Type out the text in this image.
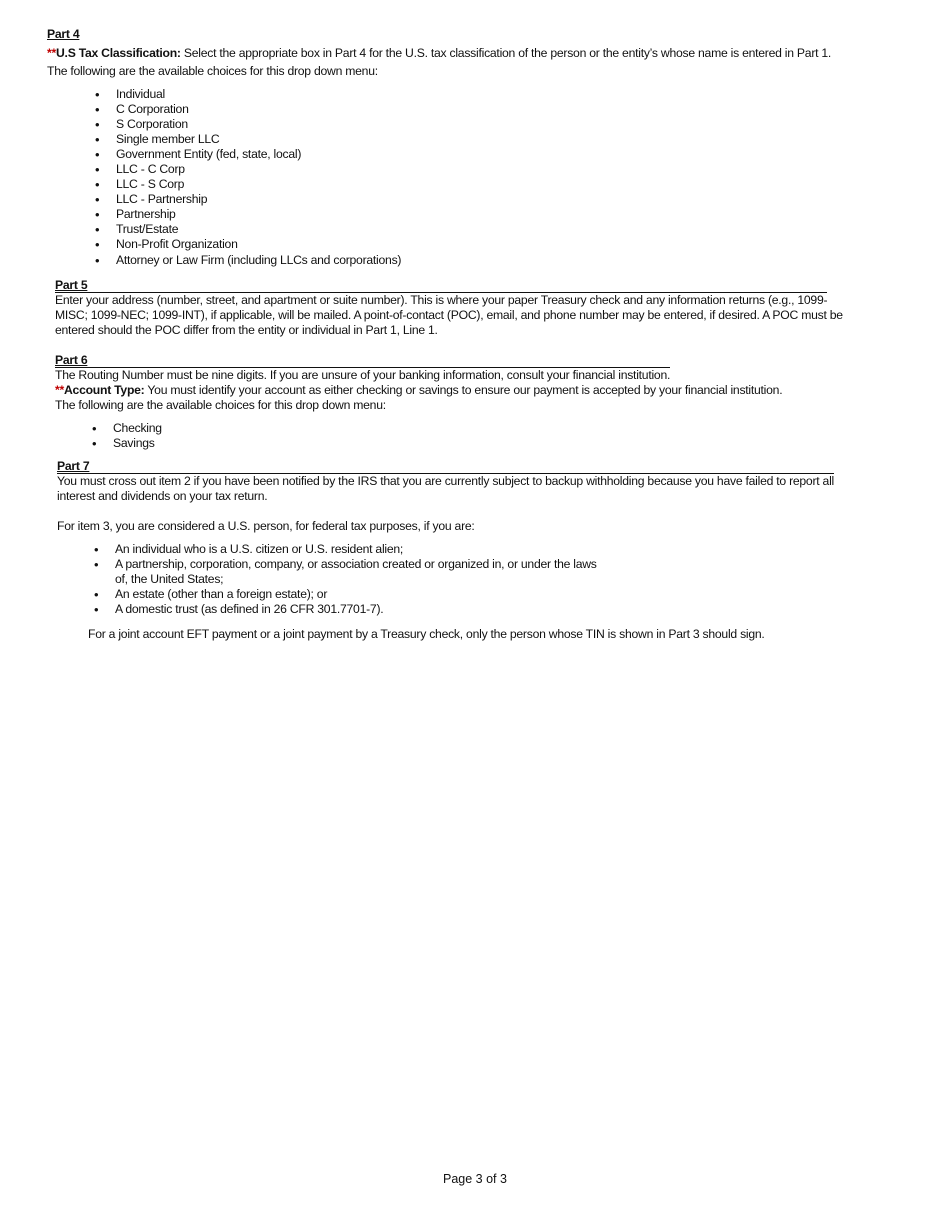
Part 4
**U.S Tax Classification: Select the appropriate box in Part 4 for the U.S. tax classification of the person or the entity’s whose name is entered in Part 1.
The following are the available choices for this drop down menu:
• Individual
• C Corporation
• S Corporation
• Single member LLC
• Government Entity (fed, state, local)
• LLC - C Corp
• LLC - S Corp
• LLC - Partnership
• Partnership
• Trust/Estate
• Non-Profit Organization
• Attorney or Law Firm (including LLCs and corporations)
Part 5
Enter your address (number, street, and apartment or suite number). This is where your paper Treasury check and any information returns (e.g., 1099-
MISC; 1099-NEC; 1099-INT), if applicable, will be mailed. A point-of-contact (POC), email, and phone number may be entered, if desired. A POC must be
entered should the POC differ from the entity or individual in Part 1, Line 1.
Part 6
The Routing Number must be nine digits. If you are unsure of your banking information, consult your financial institution.
**Account Type: You must identify your account as either checking or savings to ensure our payment is accepted by your financial institution.
The following are the available choices for this drop down menu:
• Checking
• Savings
Part 7
You must cross out item 2 if you have been notified by the IRS that you are currently subject to backup withholding because you have failed to report all
interest and dividends on your tax return.
For item 3, you are considered a U.S. person, for federal tax purposes, if you are:
• An individual who is a U.S. citizen or U.S. resident alien;
• A partnership, corporation, company, or association created or organized in, or under the laws
of, the United States;
• An estate (other than a foreign estate); or
• A domestic trust (as defined in 26 CFR 301.7701-7).
For a joint account EFT payment or a joint payment by a Treasury check, only the person whose TIN is shown in Part 3 should sign.
Page 3 of 3
